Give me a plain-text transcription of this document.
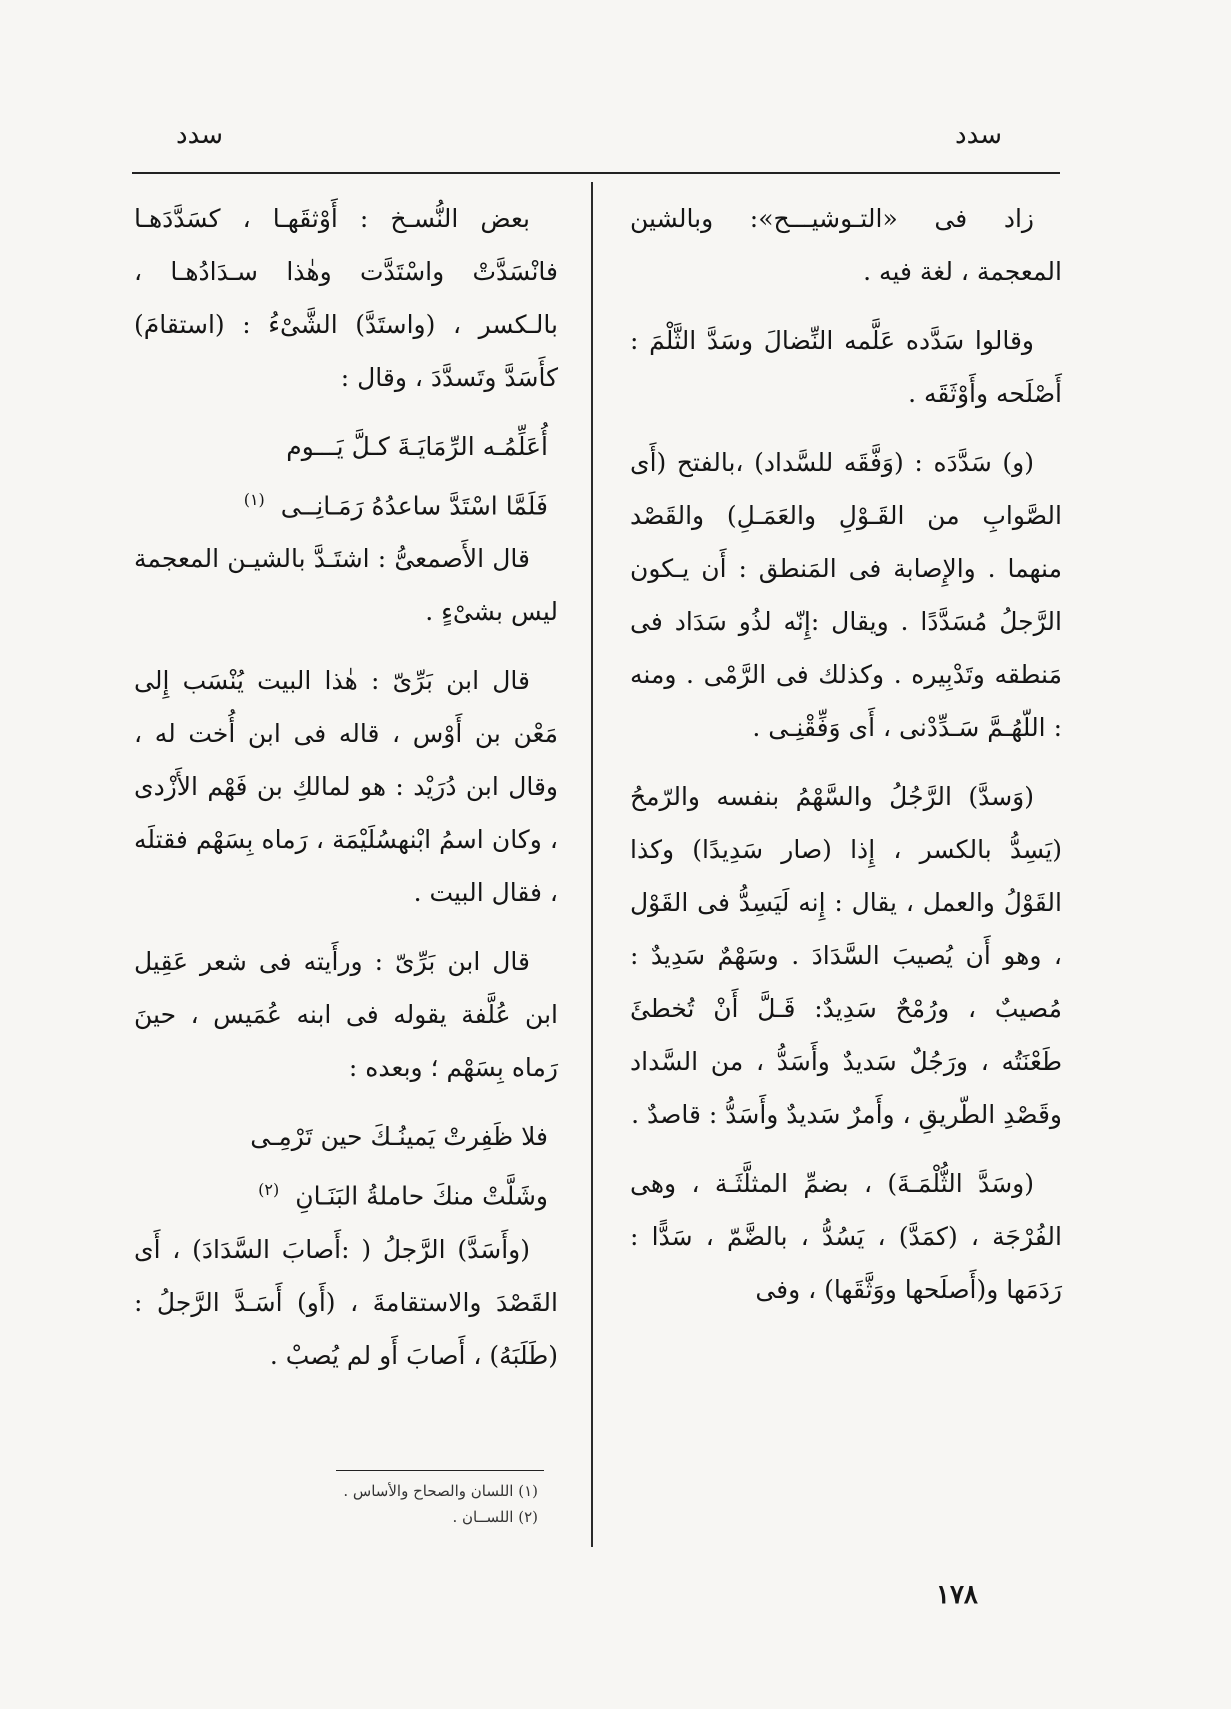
سدد
سدد

زاد فى «التـوشيـــح»: وبالشين المعجمة ، لغة فيه .

وقالوا سَدَّده عَلَّمه النِّضالَ وسَدَّ الثَّلْمَ : أَصْلَحه وأَوْثَقَه .

(و) سَدَّدَه : (وَفَّقَه للسَّداد) ،بالفتح (أَى الصَّوابِ من القَـوْلِ والعَمَـلِ) والقَصْد منهما . والإِصابة فى المَنطق : أَن يـكون الرَّجلُ مُسَدَّدًا . ويقال :إِنّه لذُو سَدَاد فى مَنطقه وتَدْبِيره . وكذلك فى الرَّمْى . ومنه : اللّهُـمَّ سَـدِّدْنى ، أَى وَفِّقْنِـى .

(وَسدَّ) الرَّجُلُ والسَّهْمُ بنفسه والرّمحُ (يَسِدُّ بالكسر ، إِذا (صار سَدِيدًا) وكذا القَوْلُ والعمل ، يقال : إِنه لَيَسِدُّ فى القَوْل ، وهو أَن يُصيبَ السَّدَادَ . وسَهْمٌ سَدِيدٌ : مُصيبٌ ، ورُمْحٌ سَدِيدٌ: قَـلَّ أَنْ تُخطئَ طَعْنَتُه ، ورَجُلٌ سَديدٌ وأَسَدُّ ، من السَّداد وقَصْدِ الطّريقِ ، وأَمرٌ سَديدٌ وأَسَدُّ : قاصدٌ .

(وسَدَّ الثُّلْمَـةَ) ، بضمِّ المثلَّثَـة ، وهى الفُرْجَة ، (كمَدَّ) ، يَسُدُّ ، بالضَّمّ ، سَدًّا : رَدَمَها و(أَصلَحها ووَثَّقَها) ، وفى

بعض النُّسـخ : أَوْثقَهـا ، كسَدَّدَهـا فانْسَدَّتْ واسْتَدَّت وهٰذا سـدَادُهـا ، بالـكسر ، (واستَدَّ) الشَّىْءُ : (استقامَ) كأَسَدَّ وتَسدَّدَ ، وقال :

أُعَلِّمُـه الرِّمَايَـةَ كـلَّ يَـــوم

فَلَمَّا اسْتَدَّ ساعدُهُ رَمَـانِــى $^{(١)}$

قال الأَصمعىُّ : اشتَـدَّ بالشيـن المعجمة ليس بشىْءٍ .

قال ابن بَرِّىّ : هٰذا البيت يُنْسَب إِلى مَعْن بن أَوْس ، قاله فى ابن أُخت له ، وقال ابن دُرَيْد : هو لمالكِ بن فَهْم الأَزْدى ، وكان اسمُ ابْنهسُلَيْمَة ، رَماه بِسَهْم فقتلَه ، فقال البيت .

قال ابن بَرِّىّ : ورأَيته فى شعر عَقِيل ابن عُلَّفة يقوله فى ابنه عُمَيس ، حينَ رَماه بِسَهْم ؛ وبعده :

فلا ظَفِرتْ يَمينُـكَ حين تَرْمِـى

وشَلَّتْ منكَ حاملةُ البَنَـانِ $^{(٢)}$

(وأَسَدَّ) الرَّجلُ ( :أَصابَ السَّدَادَ) ، أَى القَصْدَ والاستقامةَ ، (أَو) أَسَـدَّ الرَّجلُ : (طَلَبَهُ) ، أَصابَ أَو لم يُصبْ .

(١) اللسان والصحاح والأساس .
(٢) اللســان .
١٧٨
